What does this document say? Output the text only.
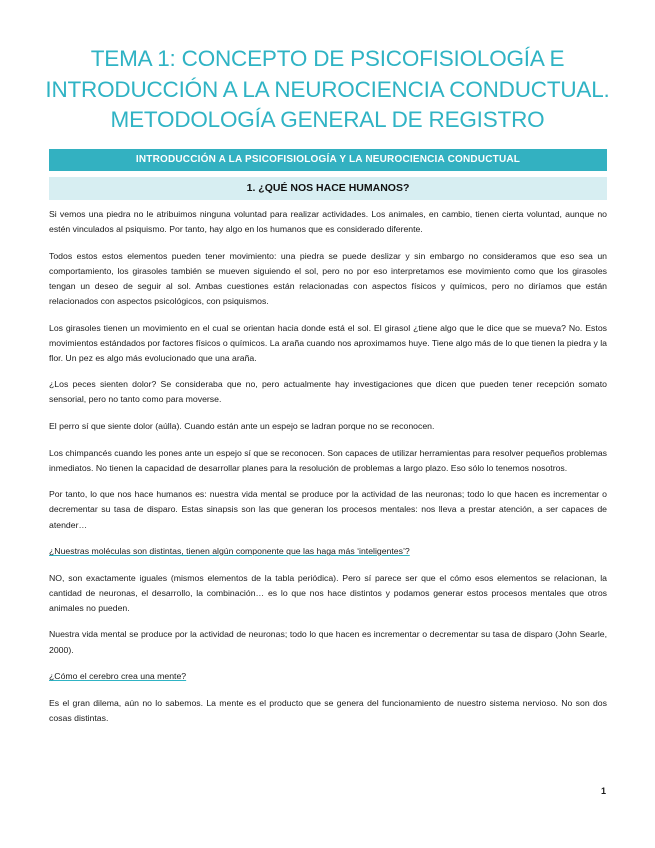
TEMA 1: CONCEPTO DE PSICOFISIOLOGÍA E
INTRODUCCIÓN A LA NEUROCIENCIA CONDUCTUAL.
METODOLOGÍA GENERAL DE REGISTRO
INTRODUCCIÓN A LA PSICOFISIOLOGÍA Y LA NEUROCIENCIA CONDUCTUAL
1. ¿QUÉ NOS HACE HUMANOS?

Si vemos una piedra no le atribuimos ninguna voluntad para realizar actividades. Los animales, en cambio, tienen cierta voluntad, aunque no estén vinculados al psiquismo. Por tanto, hay algo en los humanos que es considerado diferente.

Todos estos estos elementos pueden tener movimiento: una piedra se puede deslizar y sin embargo no consideramos que eso sea un comportamiento, los girasoles también se mueven siguiendo el sol, pero no por eso interpretamos ese movimiento como que los girasoles tengan un deseo de seguir al sol. Ambas cuestiones están relacionadas con aspectos físicos y químicos, pero no diríamos que están relacionados con aspectos psicológicos, con psiquismos.

Los girasoles tienen un movimiento en el cual se orientan hacia donde está el sol. El girasol ¿tiene algo que le dice que se mueva? No. Estos movimientos estándados por factores físicos o químicos. La araña cuando nos aproximamos huye. Tiene algo más de lo que tienen la piedra y la flor. Un pez es algo más evolucionado que una araña.

¿Los peces sienten dolor? Se consideraba que no, pero actualmente hay investigaciones que dicen que pueden tener recepción somato sensorial, pero no tanto como para moverse.

El perro sí que siente dolor (aúlla). Cuando están ante un espejo se ladran porque no se reconocen.

Los chimpancés cuando les pones ante un espejo sí que se reconocen. Son capaces de utilizar herramientas para resolver pequeños problemas inmediatos. No tienen la capacidad de desarrollar planes para la resolución de problemas a largo plazo. Eso sólo lo tenemos nosotros.

Por tanto, lo que nos hace humanos es: nuestra vida mental se produce por la actividad de las neuronas; todo lo que hacen es incrementar o decrementar su tasa de disparo. Estas sinapsis son las que generan los procesos mentales: nos lleva a prestar atención, a ser capaces de atender…

¿Nuestras moléculas son distintas, tienen algún componente que las haga más ‘inteligentes’?

NO, son exactamente iguales (mismos elementos de la tabla periódica). Pero sí parece ser que el cómo esos elementos se relacionan, la cantidad de neuronas, el desarrollo, la combinación… es lo que nos hace distintos y podamos generar estos procesos mentales que otros animales no pueden.

Nuestra vida mental se produce por la actividad de neuronas; todo lo que hacen es incrementar o decrementar su tasa de disparo (John Searle, 2000).

¿Cómo el cerebro crea una mente?

Es el gran dilema, aún no lo sabemos. La mente es el producto que se genera del funcionamiento de nuestro sistema nervioso. No son dos cosas distintas.

1
